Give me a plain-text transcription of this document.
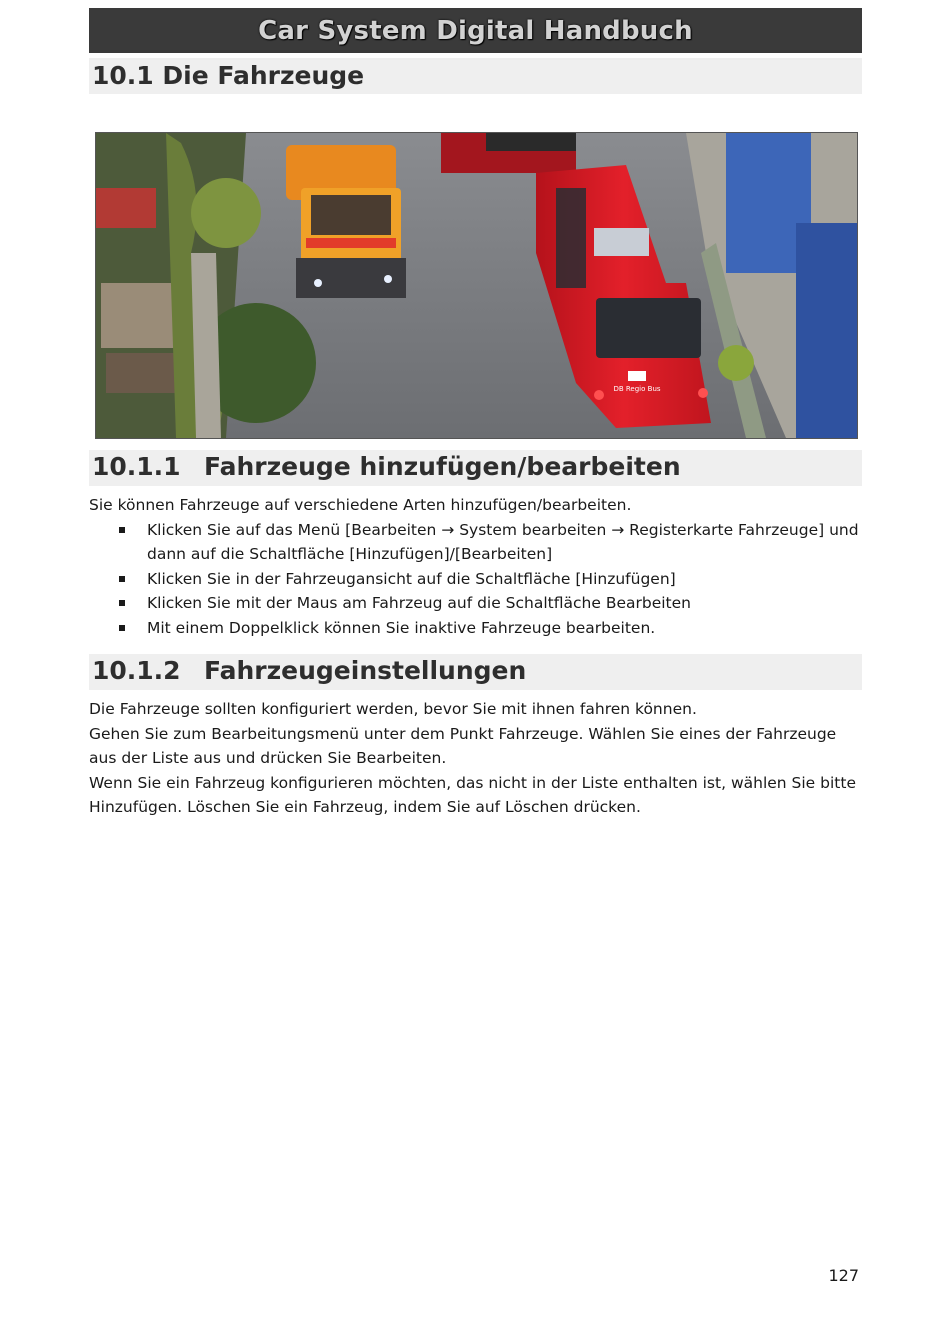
Car System Digital Handbuch
10.1 Die Fahrzeuge
DB Regio Bus
10.1.1 Fahrzeuge hinzufügen/bearbeiten

Sie können Fahrzeuge auf verschiedene Arten hinzufügen/bearbeiten.

Klicken Sie auf das Menü [Bearbeiten → System bearbeiten → Registerkarte Fahrzeuge] und dann auf die Schaltfläche [Hinzufügen]/[Bearbeiten]
Klicken Sie in der Fahrzeugansicht auf die Schaltfläche [Hinzufügen]
Klicken Sie mit der Maus am Fahrzeug auf die Schaltfläche Bearbeiten
Mit einem Doppelklick können Sie inaktive Fahrzeuge bearbeiten.
10.1.2 Fahrzeugeinstellungen

Die Fahrzeuge sollten konfiguriert werden, bevor Sie mit ihnen fahren können.

Gehen Sie zum Bearbeitungsmenü unter dem Punkt Fahrzeuge. Wählen Sie eines der Fahrzeuge aus der Liste aus und drücken Sie Bearbeiten.

Wenn Sie ein Fahrzeug konfigurieren möchten, das nicht in der Liste enthalten ist, wählen Sie bitte Hinzufügen. Löschen Sie ein Fahrzeug, indem Sie auf Löschen drücken.

127
